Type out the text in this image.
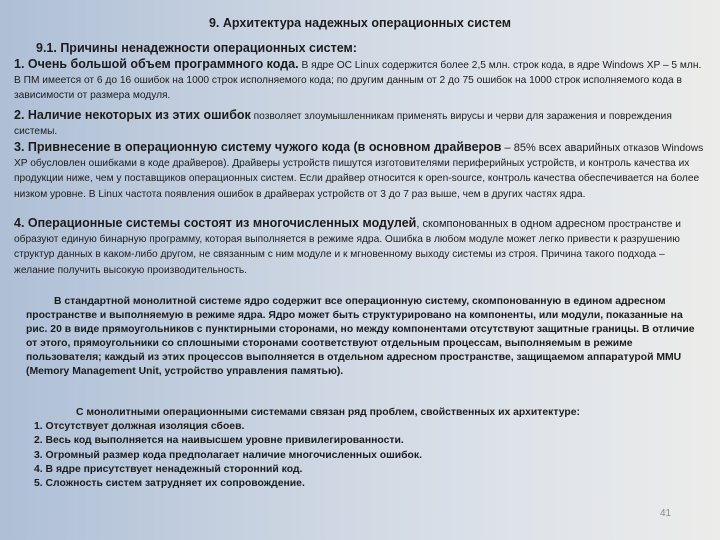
9. Архитектура надежных операционных систем
9.1. Причины ненадежности операционных систем:
1. Очень большой объем программного кода. В ядре ОС Linux содержится более 2,5 млн. строк кода, в ядре Windows XP – 5 млн. В ПМ имеется от 6 до 16 ошибок на 1000 строк исполняемого кода; по другим данным от 2 до 75 ошибок на 1000 строк исполняемого кода в зависимости от размера модуля.
2. Наличие некоторых из этих ошибок позволяет злоумышленникам применять вирусы и черви для заражения и повреждения системы.
3. Привнесение в операционную систему чужого кода (в основном драйверов – 85% всех аварийных отказов Windows XP обусловлен ошибками в коде драйверов). Драйверы устройств пишутся изготовителями периферийных устройств, и контроль качества их продукции ниже, чем у поставщиков операционных систем. Если драйвер относится к open-source, контроль качества обеспечивается на более низком уровне. В Linux частота появления ошибок в драйверах устройств от 3 до 7 раз выше, чем в других частях ядра.
4. Операционные системы состоят из многочисленных модулей, скомпонованных в одном адресном пространстве и образуют единую бинарную программу, которая выполняется в режиме ядра. Ошибка в любом модуле может легко привести к разрушению структур данных в каком-либо другом, не связанным с ним модуле и к мгновенному выходу системы из строя. Причина такого подхода – желание получить высокую производительность.
В стандартной монолитной системе ядро содержит все операционную систему, скомпонованную в едином адресном пространстве и выполняемую в режиме ядра. Ядро может быть структурировано на компоненты, или модули, показанные на рис. 20 в виде прямоугольников с пунктирными сторонами, но между компонентами отсутствуют защитные границы. В отличие от этого, прямоугольники со сплошными сторонами соответствуют отдельным процессам, выполняемым в режиме пользователя; каждый из этих процессов выполняется в отдельном адресном пространстве, защищаемом аппаратурой MMU (Memory Management Unit, устройство управления памятью).
С монолитными операционными системами связан ряд проблем, свойственных их архитектуре:
1. Отсутствует должная изоляция сбоев.
2. Весь код выполняется на наивысшем уровне привилегированности.
3. Огромный размер кода предполагает наличие многочисленных ошибок.
4. В ядре присутствует ненадежный сторонний код.
5. Сложность систем затрудняет их сопровождение.
41
